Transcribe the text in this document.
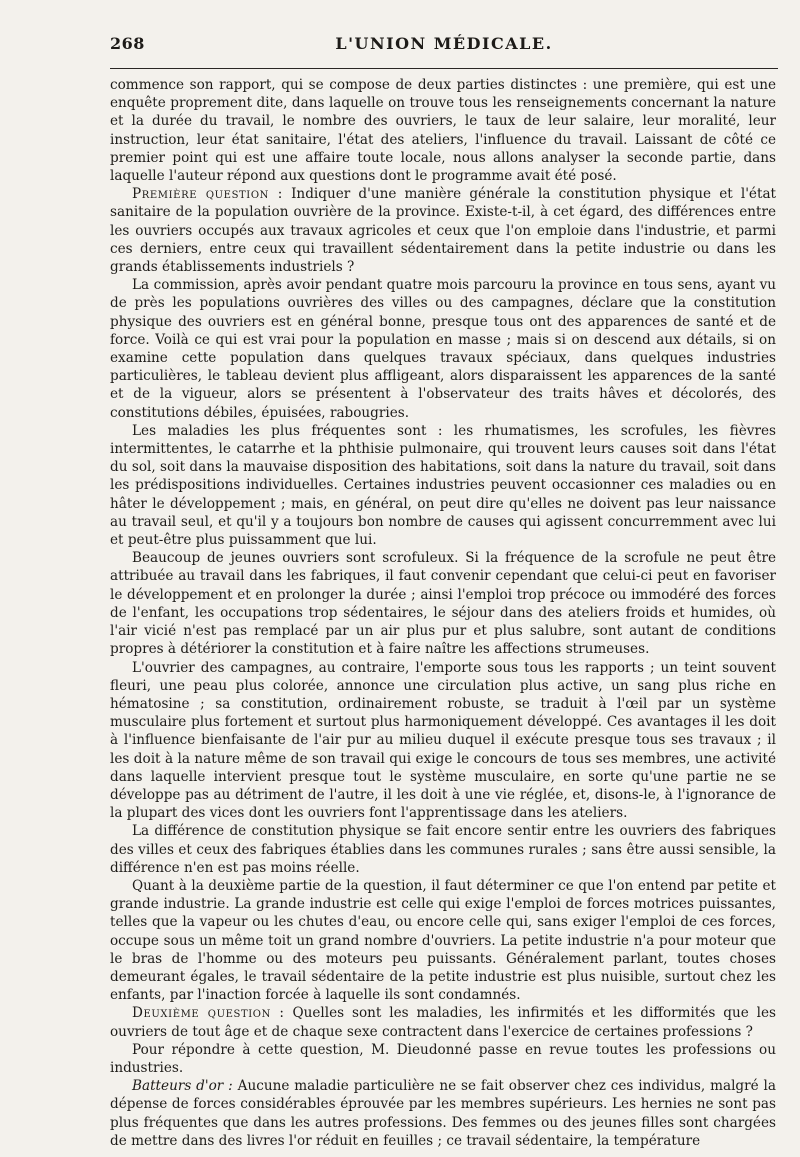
268	L'UNION MÉDICALE.

commence son rapport, qui se compose de deux parties distinctes : une première, qui est une enquête proprement dite, dans laquelle on trouve tous les renseignements concernant la nature et la durée du travail, le nombre des ouvriers, le taux de leur salaire, leur moralité, leur instruction, leur état sanitaire, l'état des ateliers, l'influence du travail. Laissant de côté ce premier point qui est une affaire toute locale, nous allons analyser la seconde partie, dans laquelle l'auteur répond aux questions dont le programme avait été posé.

Première question : Indiquer d'une manière générale la constitution physique et l'état sanitaire de la population ouvrière de la province. Existe-t-il, à cet égard, des différences entre les ouvriers occupés aux travaux agricoles et ceux que l'on emploie dans l'industrie, et parmi ces derniers, entre ceux qui travaillent sédentairement dans la petite industrie ou dans les grands établissements industriels ?

La commission, après avoir pendant quatre mois parcouru la province en tous sens, ayant vu de près les populations ouvrières des villes ou des campagnes, déclare que la constitution physique des ouvriers est en général bonne, presque tous ont des apparences de santé et de force. Voilà ce qui est vrai pour la population en masse ; mais si on descend aux détails, si on examine cette population dans quelques travaux spéciaux, dans quelques industries particulières, le tableau devient plus affligeant, alors disparaissent les apparences de la santé et de la vigueur, alors se présentent à l'observateur des traits hâves et décolorés, des constitutions débiles, épuisées, rabougries.

Les maladies les plus fréquentes sont : les rhumatismes, les scrofules, les fièvres intermittentes, le catarrhe et la phthisie pulmonaire, qui trouvent leurs causes soit dans l'état du sol, soit dans la mauvaise disposition des habitations, soit dans la nature du travail, soit dans les prédispositions individuelles. Certaines industries peuvent occasionner ces maladies ou en hâter le développement ; mais, en général, on peut dire qu'elles ne doivent pas leur naissance au travail seul, et qu'il y a toujours bon nombre de causes qui agissent concurremment avec lui et peut-être plus puissamment que lui.

Beaucoup de jeunes ouvriers sont scrofuleux. Si la fréquence de la scrofule ne peut être attribuée au travail dans les fabriques, il faut convenir cependant que celui-ci peut en favoriser le développement et en prolonger la durée ; ainsi l'emploi trop précoce ou immodéré des forces de l'enfant, les occupations trop sédentaires, le séjour dans des ateliers froids et humides, où l'air vicié n'est pas remplacé par un air plus pur et plus salubre, sont autant de conditions propres à détériorer la constitution et à faire naître les affections strumeuses.

L'ouvrier des campagnes, au contraire, l'emporte sous tous les rapports ; un teint souvent fleuri, une peau plus colorée, annonce une circulation plus active, un sang plus riche en hématosine ; sa constitution, ordinairement robuste, se traduit à l'œil par un système musculaire plus fortement et surtout plus harmoniquement développé. Ces avantages il les doit à l'influence bienfaisante de l'air pur au milieu duquel il exécute presque tous ses travaux ; il les doit à la nature même de son travail qui exige le concours de tous ses membres, une activité dans laquelle intervient presque tout le système musculaire, en sorte qu'une partie ne se développe pas au détriment de l'autre, il les doit à une vie réglée, et, disons-le, à l'ignorance de la plupart des vices dont les ouvriers font l'apprentissage dans les ateliers.

La différence de constitution physique se fait encore sentir entre les ouvriers des fabriques des villes et ceux des fabriques établies dans les communes rurales ; sans être aussi sensible, la différence n'en est pas moins réelle.

Quant à la deuxième partie de la question, il faut déterminer ce que l'on entend par petite et grande industrie. La grande industrie est celle qui exige l'emploi de forces motrices puissantes, telles que la vapeur ou les chutes d'eau, ou encore celle qui, sans exiger l'emploi de ces forces, occupe sous un même toit un grand nombre d'ouvriers. La petite industrie n'a pour moteur que le bras de l'homme ou des moteurs peu puissants. Généralement parlant, toutes choses demeurant égales, le travail sédentaire de la petite industrie est plus nuisible, surtout chez les enfants, par l'inaction forcée à laquelle ils sont condamnés.

Deuxième question : Quelles sont les maladies, les infirmités et les difformités que les ouvriers de tout âge et de chaque sexe contractent dans l'exercice de certaines professions ?

Pour répondre à cette question, M. Dieudonné passe en revue toutes les professions ou industries.

Batteurs d'or : Aucune maladie particulière ne se fait observer chez ces individus, malgré la dépense de forces considérables éprouvée par les membres supérieurs. Les hernies ne sont pas plus fréquentes que dans les autres professions. Des femmes ou des jeunes filles sont chargées de mettre dans des livres l'or réduit en feuilles ; ce travail sédentaire, la température
